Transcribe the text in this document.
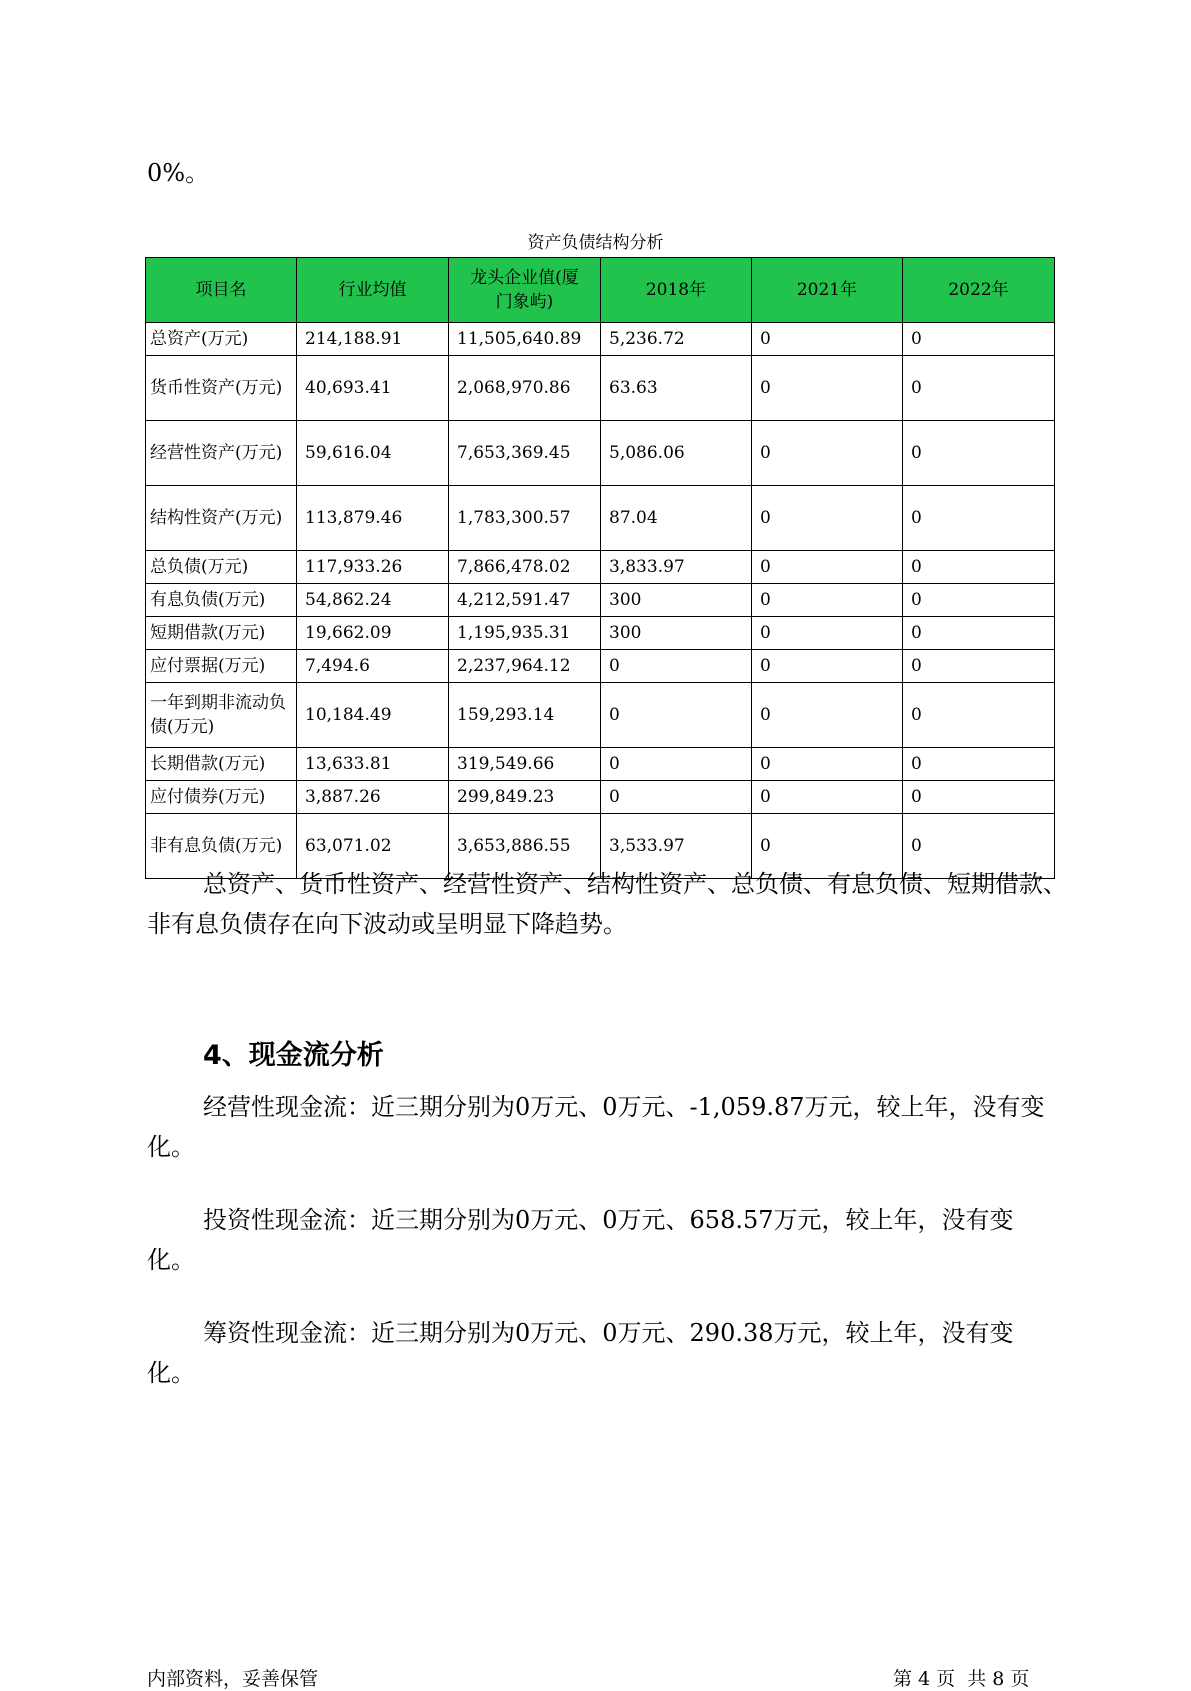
0%。
资产负债结构分析
项目名	行业均值	龙头企业值(厦门象屿)	2018年	2021年	2022年
总资产(万元)	214,188.91	11,505,640.89	5,236.72	0	0
货币性资产(万元)	40,693.41	2,068,970.86	63.63	0	0
经营性资产(万元)	59,616.04	7,653,369.45	5,086.06	0	0
结构性资产(万元)	113,879.46	1,783,300.57	87.04	0	0
总负债(万元)	117,933.26	7,866,478.02	3,833.97	0	0
有息负债(万元)	54,862.24	4,212,591.47	300	0	0
短期借款(万元)	19,662.09	1,195,935.31	300	0	0
应付票据(万元)	7,494.6	2,237,964.12	0	0	0
一年到期非流动负债(万元)	10,184.49	159,293.14	0	0	0
长期借款(万元)	13,633.81	319,549.66	0	0	0
应付债券(万元)	3,887.26	299,849.23	0	0	0
非有息负债(万元)	63,071.02	3,653,886.55	3,533.97	0	0
总资产、货币性资产、经营性资产、结构性资产、总负债、有息负债、短期借款、非有息负债存在向下波动或呈明显下降趋势。
4、现金流分析
经营性现金流：近三期分别为0万元、0万元、-1,059.87万元，较上年，没有变化。
投资性现金流：近三期分别为0万元、0万元、658.57万元，较上年，没有变化。
筹资性现金流：近三期分别为0万元、0万元、290.38万元，较上年，没有变化。
内部资料，妥善保管	第 4 页  共 8 页
